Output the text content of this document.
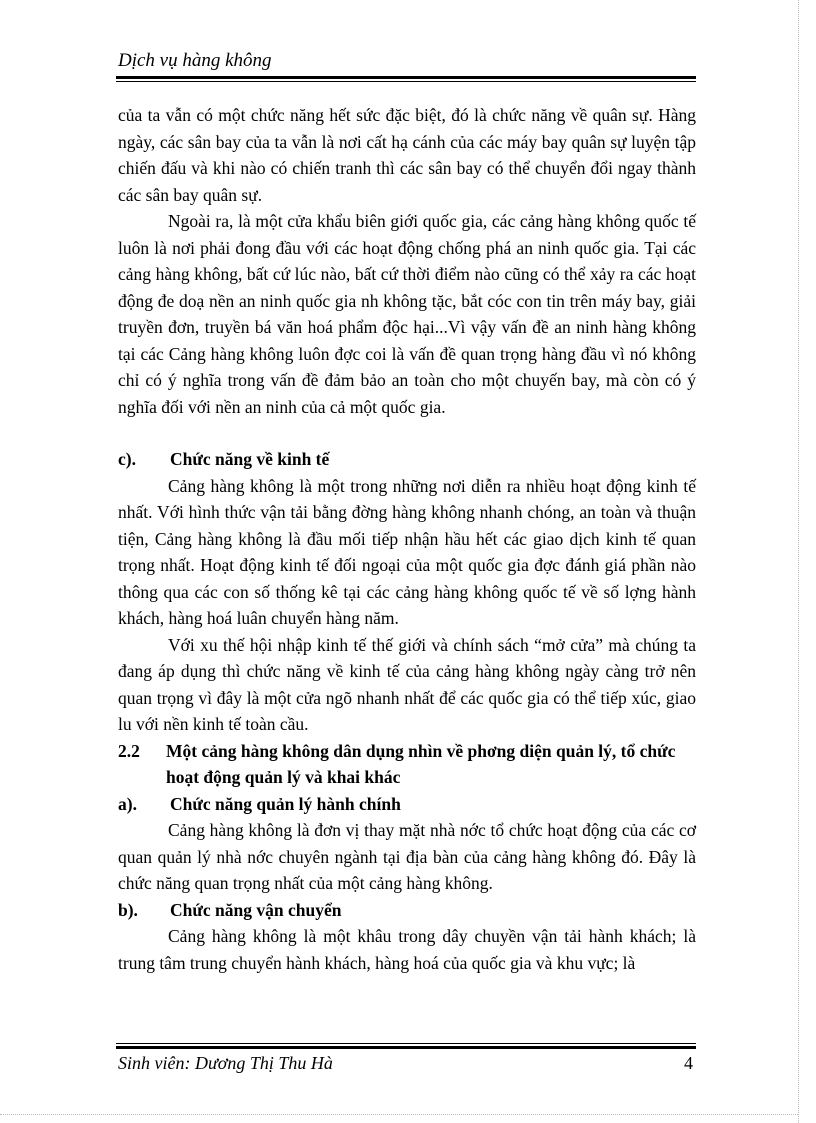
Dịch vụ hàng không

của ta vẫn có một chức năng hết sức đặc biệt, đó là chức năng về quân sự. Hàng ngày, các sân bay của ta vẫn là nơi cất hạ cánh của các máy bay quân sự luyện tập chiến đấu và khi nào có chiến tranh thì các sân bay có thể chuyển đổi ngay thành các sân bay quân sự.

Ngoài ra, là một cửa khẩu biên giới quốc gia, các cảng hàng không quốc tế luôn là nơi phải đong đầu với các hoạt động chống phá an ninh quốc gia. Tại các cảng hàng không, bất cứ lúc nào, bất cứ thời điểm nào cũng có thể xảy ra các hoạt động đe doạ nền an ninh quốc gia nh không tặc, bắt cóc con tin trên máy bay, giải truyền đơn, truyền bá văn hoá phẩm độc hại...Vì vậy vấn đề an ninh hàng không tại các Cảng hàng không luôn đợc coi là vấn đề quan trọng hàng đầu vì nó không chỉ có ý nghĩa trong vấn đề đảm bảo an toàn cho một chuyến bay, mà còn có ý nghĩa đối với nền an ninh của cả một quốc gia.

c). Chức năng về kinh tế

Cảng hàng không là một trong những nơi diễn ra nhiều hoạt động kinh tế nhất. Với hình thức vận tải bằng đờng hàng không nhanh chóng, an toàn và thuận tiện, Cảng hàng không là đầu mối tiếp nhận hầu hết các giao dịch kinh tế quan trọng nhất. Hoạt động kinh tế đối ngoại của một quốc gia đợc đánh giá phần nào thông qua các con số thống kê tại các cảng hàng không quốc tế về số lợng hành khách, hàng hoá luân chuyển hàng năm.

Với xu thế hội nhập kinh tế thế giới và chính sách “mở cửa” mà chúng ta đang áp dụng thì chức năng về kinh tế của cảng hàng không ngày càng trở nên quan trọng vì đây là một cửa ngõ nhanh nhất để các quốc gia có thể tiếp xúc, giao lu với nền kinh tế toàn cầu.

2.2 Một cảng hàng không dân dụng nhìn về phơng diện quản lý, tổ chức hoạt động quản lý và khai khác
a). Chức năng quản lý hành chính

Cảng hàng không là đơn vị thay mặt nhà nớc tổ chức hoạt động của các cơ quan quản lý nhà nớc chuyên ngành tại địa bàn của cảng hàng không đó. Đây là chức năng quan trọng nhất của một cảng hàng không.

b). Chức năng vận chuyển

Cảng hàng không là một khâu trong dây chuyền vận tải hành khách; là trung tâm trung chuyển hành khách, hàng hoá của quốc gia và khu vực; là

Sinh viên: Dương Thị Thu Hà	4
